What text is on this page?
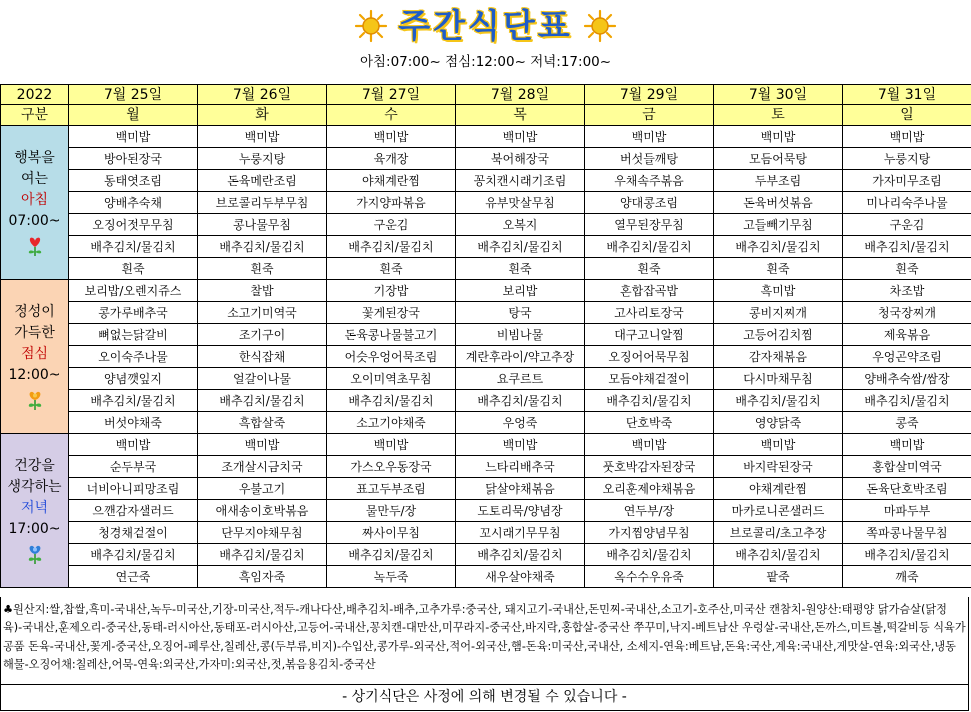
주간식단표
아침:07:00~ 점심:12:00~ 저녁:17:00~
2022	7월 25일	7월 26일	7월 27일	7월 28일	7월 29일	7월 30일	7월 31일
구분	월	화	수	목	금	토	일

행복을
여는
아침
07:00~	백미밥	백미밥	백미밥	백미밥	백미밥	백미밥	백미밥
	방아된장국	누룽지탕	육개장	북어해장국	버섯들깨탕	모듬어묵탕	누룽지탕
	동태엿조림	돈육메란조림	야채계란찜	꽁치캔시래기조림	우채속주볶음	두부조림	가자미무조림
	양배추숙채	브로콜리두부무침	가지양파볶음	유부맛살무침	양대콩조림	돈육버섯볶음	미나리숙주나물
	오징어젓무무침	콩나물무침	구운김	오복지	열무된장무침	고들빼기무침	구운김
	배추김치/물김치	배추김치/물김치	배추김치/물김치	배추김치/물김치	배추김치/물김치	배추김치/물김치	배추김치/물김치
	흰죽	흰죽	흰죽	흰죽	흰죽	흰죽	흰죽

정성이
가득한
점심
12:00~	보리밥/오렌지쥬스	찰밥	기장밥	보리밥	혼합잡곡밥	흑미밥	차조밥
	콩가루배추국	소고기미역국	꽃게된장국	탕국	고사리토장국	콩비지찌개	청국장찌개
	뼈없는닭갈비	조기구이	돈육콩나물불고기	비빔나물	대구고니알찜	고등어김치찜	제육볶음
	오이숙주나물	한식잡채	어슷우엉어묵조림	계란후라이/약고추장	오징어어묵무침	감자채볶음	우엉곤약조림
	양념깻잎지	얼갈이나물	오이미역초무침	요쿠르트	모듬야채겉절이	다시마채무침	양배추숙쌈/쌈장
	배추김치/물김치	배추김치/물김치	배추김치/물김치	배추김치/물김치	배추김치/물김치	배추김치/물김치	배추김치/물김치
	버섯야채죽	흑합살죽	소고기야채죽	우엉죽	단호박죽	영양닭죽	콩죽

건강을
생각하는
저녁
17:00~	백미밥	백미밥	백미밥	백미밥	백미밥	백미밥	백미밥
	순두부국	조개살시금치국	가스오우동장국	느타리배추국	풋호박감자된장국	바지락된장국	홍합살미역국
	너비아니피망조림	우불고기	표고두부조림	닭살야채볶음	오리훈제야채볶음	야채계란찜	돈육단호박조림
	으깬감자샐러드	애새송이호박볶음	물만두/장	도토리묵/양념장	연두부/장	마카로니콘샐러드	마파두부
	청경채겉절이	단무지야채무침	짜사이무침	꼬시래기무무침	가지찜양념무침	브로콜리/초고추장	쪽파콩나물무침
	배추김치/물김치	배추김치/물김치	배추김치/물김치	배추김치/물김치	배추김치/물김치	배추김치/물김치	배추김치/물김치
	연근죽	흑임자죽	녹두죽	새우살야채죽	옥수수우유죽	팥죽	깨죽
♣원산지:쌀,찹쌀,흑미-국내산,녹두-미국산,기장-미국산,적두-캐나다산,배추김치-배추,고추가루:중국산, 돼지고기-국내산,돈민찌-국내산,소고기-호주산,미국산 캔참치-원양산:태평양 닭가슴살(닭정육)-국내산,훈제오리-중국산,동태-러시아산,동태포-러시아산,고등어-국내산,꽁치캔-대만산,미꾸라지-중국산,바지락,홍합살-중국산 쭈꾸미,낙지-베트남산 우렁살-국내산,돈까스,미트볼,떡갈비등 식육가공품 돈육-국내산,꽃게-중국산,오징어-페루산,칠레산,콩(두부류,비지)-수입산,콩가루-외국산,적어-외국산,햄-돈육:미국산,국내산, 소세지-연육:베트남,돈육:국산,계육:국내산,게맛살-연육:외국산,냉동해물-오징어채:칠레산,어묵-연육:외국산,가자미:외국산,젓,볶음용김치-중국산
- 상기식단은 사정에 의해 변경될 수 있습니다 -
